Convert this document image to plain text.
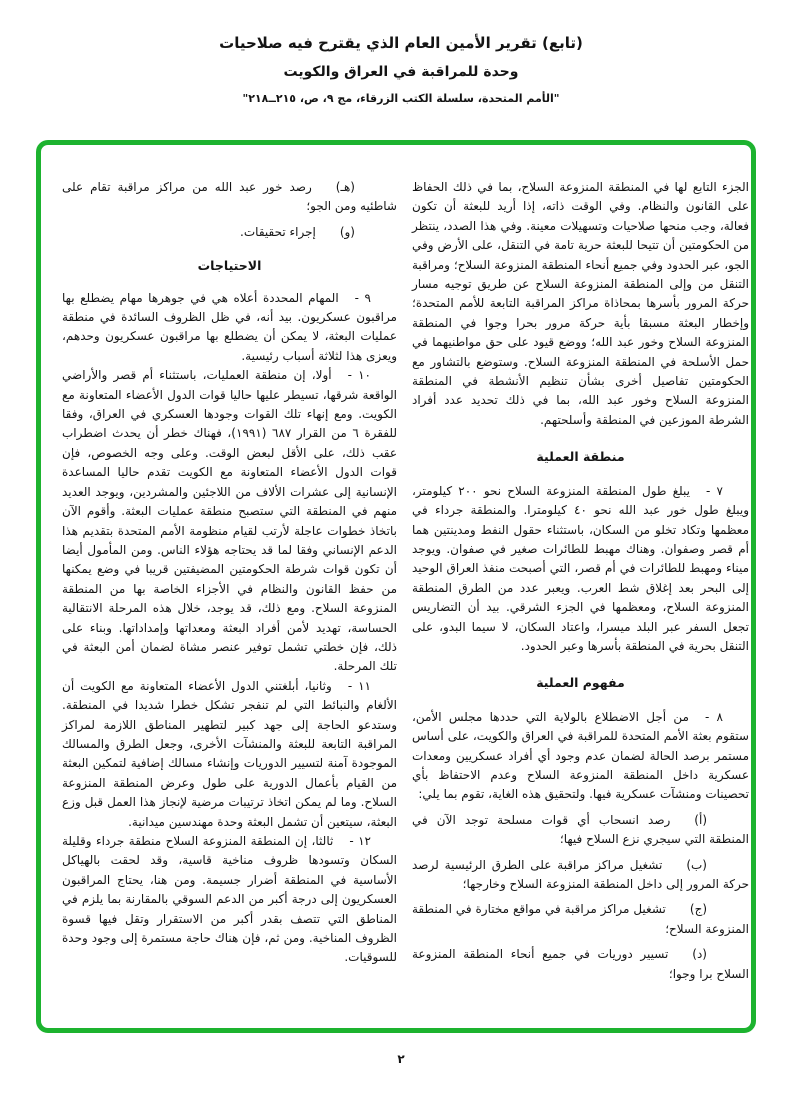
(تابع) تقرير الأمين العام الذي يقترح فيه صلاحيات
وحدة للمراقبة في العراق والكويت
"الأمم المتحدة، سلسلة الكتب الزرقاء، مج ٩، ص، ٢١٥ــ٢١٨"

الجزء التابع لها في المنطقة المنزوعة السلاح، بما في ذلك الحفاظ على القانون والنظام. وفي الوقت ذاته، إذا أريد للبعثة أن تكون فعالة، وجب منحها صلاحيات وتسهيلات معينة. وفي هذا الصدد، ينتظر من الحكومتين أن تتيحا للبعثة حرية تامة في التنقل، على الأرض وفي الجو، عبر الحدود وفي جميع أنحاء المنطقة المنزوعة السلاح؛ ومراقبة التنقل من وإلى المنطقة المنزوعة السلاح عن طريق توجيه مسار حركة المرور بأسرها بمحاذاة مراكز المراقبة التابعة للأمم المتحدة؛ وإخطار البعثة مسبقا بأية حركة مرور بحرا وجوا في المنطقة المنزوعة السلاح وخور عبد الله؛ ووضع قيود على حق مواطنيهما في حمل الأسلحة في المنطقة المنزوعة السلاح. وستوضع بالتشاور مع الحكومتين تفاصيل أخرى بشأن تنظيم الأنشطة في المنطقة المنزوعة السلاح وخور عبد الله، بما في ذلك تحديد عدد أفراد الشرطة الموزعين في المنطقة وأسلحتهم.

منطقة العملية

٧ -يبلغ طول المنطقة المنزوعة السلاح نحو ٢٠٠ كيلومتر، ويبلغ طول خور عبد الله نحو ٤٠ كيلومترا. والمنطقة جرداء في معظمها وتكاد تخلو من السكان، باستثناء حقول النفط ومدينتين هما أم قصر وصفوان. وهناك مهبط للطائرات صغير في صفوان. ويوجد ميناء ومهبط للطائرات في أم قصر، التي أصبحت منفذ العراق الوحيد إلى البحر بعد إغلاق شط العرب. ويعبر عدد من الطرق المنطقة المنزوعة السلاح، ومعظمها في الجزء الشرقي. بيد أن التضاريس تجعل السفر عبر البلد ميسرا، واعتاد السكان، لا سيما البدو، على التنقل بحرية في المنطقة بأسرها وعبر الحدود.

مفهوم العملية

٨ -من أجل الاضطلاع بالولاية التي حددها مجلس الأمن، ستقوم بعثة الأمم المتحدة للمراقبة في العراق والكويت، على أساس مستمر برصد الحالة لضمان عدم وجود أي أفراد عسكريين ومعدات عسكرية داخل المنطقة المنزوعة السلاح وعدم الاحتفاظ بأي تحصينات ومنشآت عسكرية فيها. ولتحقيق هذه الغاية، تقوم بما يلي:

(أ)رصد انسحاب أي قوات مسلحة توجد الآن في المنطقة التي سيجري نزع السلاح فيها؛

(ب)تشغيل مراكز مراقبة على الطرق الرئيسية لرصد حركة المرور إلى داخل المنطقة المنزوعة السلاح وخارجها؛

(ج)تشغيل مراكز مراقبة في مواقع مختارة في المنطقة المنزوعة السلاح؛

(د)تسيير دوريات في جميع أنحاء المنطقة المنزوعة السلاح برا وجوا؛

(هـ)رصد خور عبد الله من مراكز مراقبة تقام على شاطئيه ومن الجو؛

(و)إجراء تحقيقات.

الاحتياجات

٩ -المهام المحددة أعلاه هي في جوهرها مهام يضطلع بها مراقبون عسكريون. بيد أنه، في ظل الظروف السائدة في منطقة عمليات البعثة، لا يمكن أن يضطلع بها مراقبون عسكريون وحدهم، ويعزى هذا لثلاثة أسباب رئيسية.

١٠ -أولا، إن منطقة العمليات، باستثناء أم قصر والأراضي الواقعة شرقها، تسيطر عليها حاليا قوات الدول الأعضاء المتعاونة مع الكويت. ومع إنهاء تلك القوات وجودها العسكري في العراق، وفقا للفقرة ٦ من القرار ٦٨٧ (١٩٩١)، فهناك خطر أن يحدث اضطراب عقب ذلك، على الأقل لبعض الوقت. وعلى وجه الخصوص، فإن قوات الدول الأعضاء المتعاونة مع الكويت تقدم حاليا المساعدة الإنسانية إلى عشرات الألاف من اللاجئين والمشردين، ويوجد العديد منهم في المنطقة التي ستصبح منطقة عمليات البعثة. وأقوم الآن باتخاذ خطوات عاجلة لأرتب لقيام منظومة الأمم المتحدة بتقديم هذا الدعم الإنساني وفقا لما قد يحتاجه هؤلاء الناس. ومن المأمول أيضا أن تكون قوات شرطة الحكومتين المضيفتين قريبا في وضع يمكنها من حفظ القانون والنظام في الأجزاء الخاصة بها من المنطقة المنزوعة السلاح. ومع ذلك، قد يوجد، خلال هذه المرحلة الانتقالية الحساسة، تهديد لأمن أفراد البعثة ومعداتها وإمداداتها. وبناء على ذلك، فإن خطتي تشمل توفير عنصر مشاة لضمان أمن البعثة في تلك المرحلة.

١١ -وثانيا، أبلغتني الدول الأعضاء المتعاونة مع الكويت أن الألغام والنبائط التي لم تنفجر تشكل خطرا شديدا في المنطقة. وستدعو الحاجة إلى جهد كبير لتطهير المناطق اللازمة لمراكز المراقبة التابعة للبعثة والمنشآت الأخرى، وجعل الطرق والمسالك الموجودة آمنة لتسيير الدوريات وإنشاء مسالك إضافية لتمكين البعثة من القيام بأعمال الدورية على طول وعرض المنطقة المنزوعة السلاح. وما لم يمكن اتخاذ ترتيبات مرضية لإنجاز هذا العمل قبل وزع البعثة، سيتعين أن تشمل البعثة وحدة مهندسين ميدانية.

١٢ -ثالثا، إن المنطقة المنزوعة السلاح منطقة جرداء وقليلة السكان وتسودها ظروف مناخية قاسية، وقد لحقت بالهياكل الأساسية في المنطقة أضرار جسيمة. ومن هنا، يحتاج المراقبون العسكريون إلى درجة أكبر من الدعم السوقي بالمقارنة بما يلزم في المناطق التي تتصف بقدر أكبر من الاستقرار وتقل فيها قسوة الظروف المناخية. ومن ثم، فإن هناك حاجة مستمرة إلى وجود وحدة للسوقيات.

٢
